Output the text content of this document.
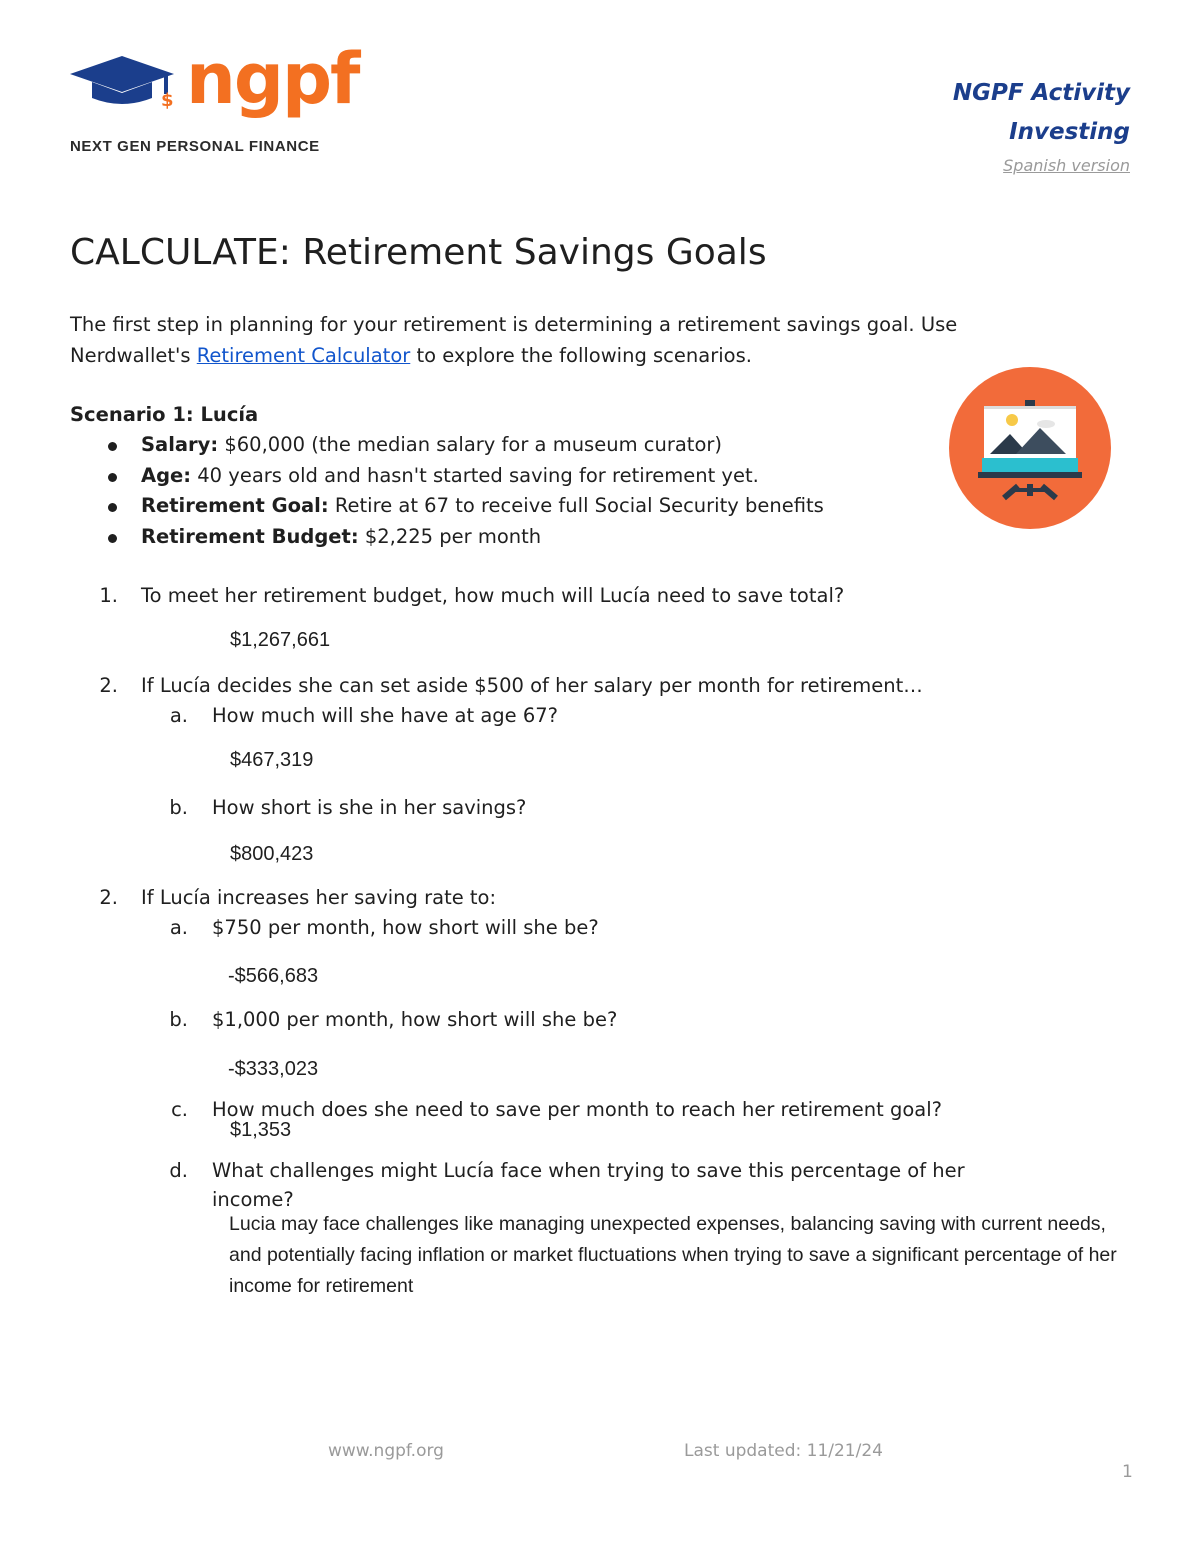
$ ngpf
NEXT GEN PERSONAL FINANCE
NGPF Activity
Investing
Spanish version
CALCULATE: Retirement Savings Goals
The first step in planning for your retirement is determining a retirement savings goal. Use Nerdwallet's Retirement Calculator to explore the following scenarios.
Scenario 1: Lucía
Salary: $60,000 (the median salary for a museum curator)
Age: 40 years old and hasn't started saving for retirement yet.
Retirement Goal: Retire at 67 to receive full Social Security benefits
Retirement Budget: $2,225 per month
1. To meet her retirement budget, how much will Lucía need to save total?
$1,267,661
2. If Lucía decides she can set aside $500 of her salary per month for retirement…
a. How much will she have at age 67?
$467,319
b. How short is she in her savings?
$800,423
2. If Lucía increases her saving rate to:
a. $750 per month, how short will she be?
-$566,683
b. $1,000 per month, how short will she be?
-$333,023
c. How much does she need to save per month to reach her retirement goal?
$1,353
d. What challenges might Lucía face when trying to save this percentage of her
income?
Lucia may face challenges like managing unexpected expenses, balancing saving with current needs,
and potentially facing inflation or market fluctuations when trying to save a significant percentage of her
income for retirement
www.ngpf.org	Last updated: 11/21/24
1
